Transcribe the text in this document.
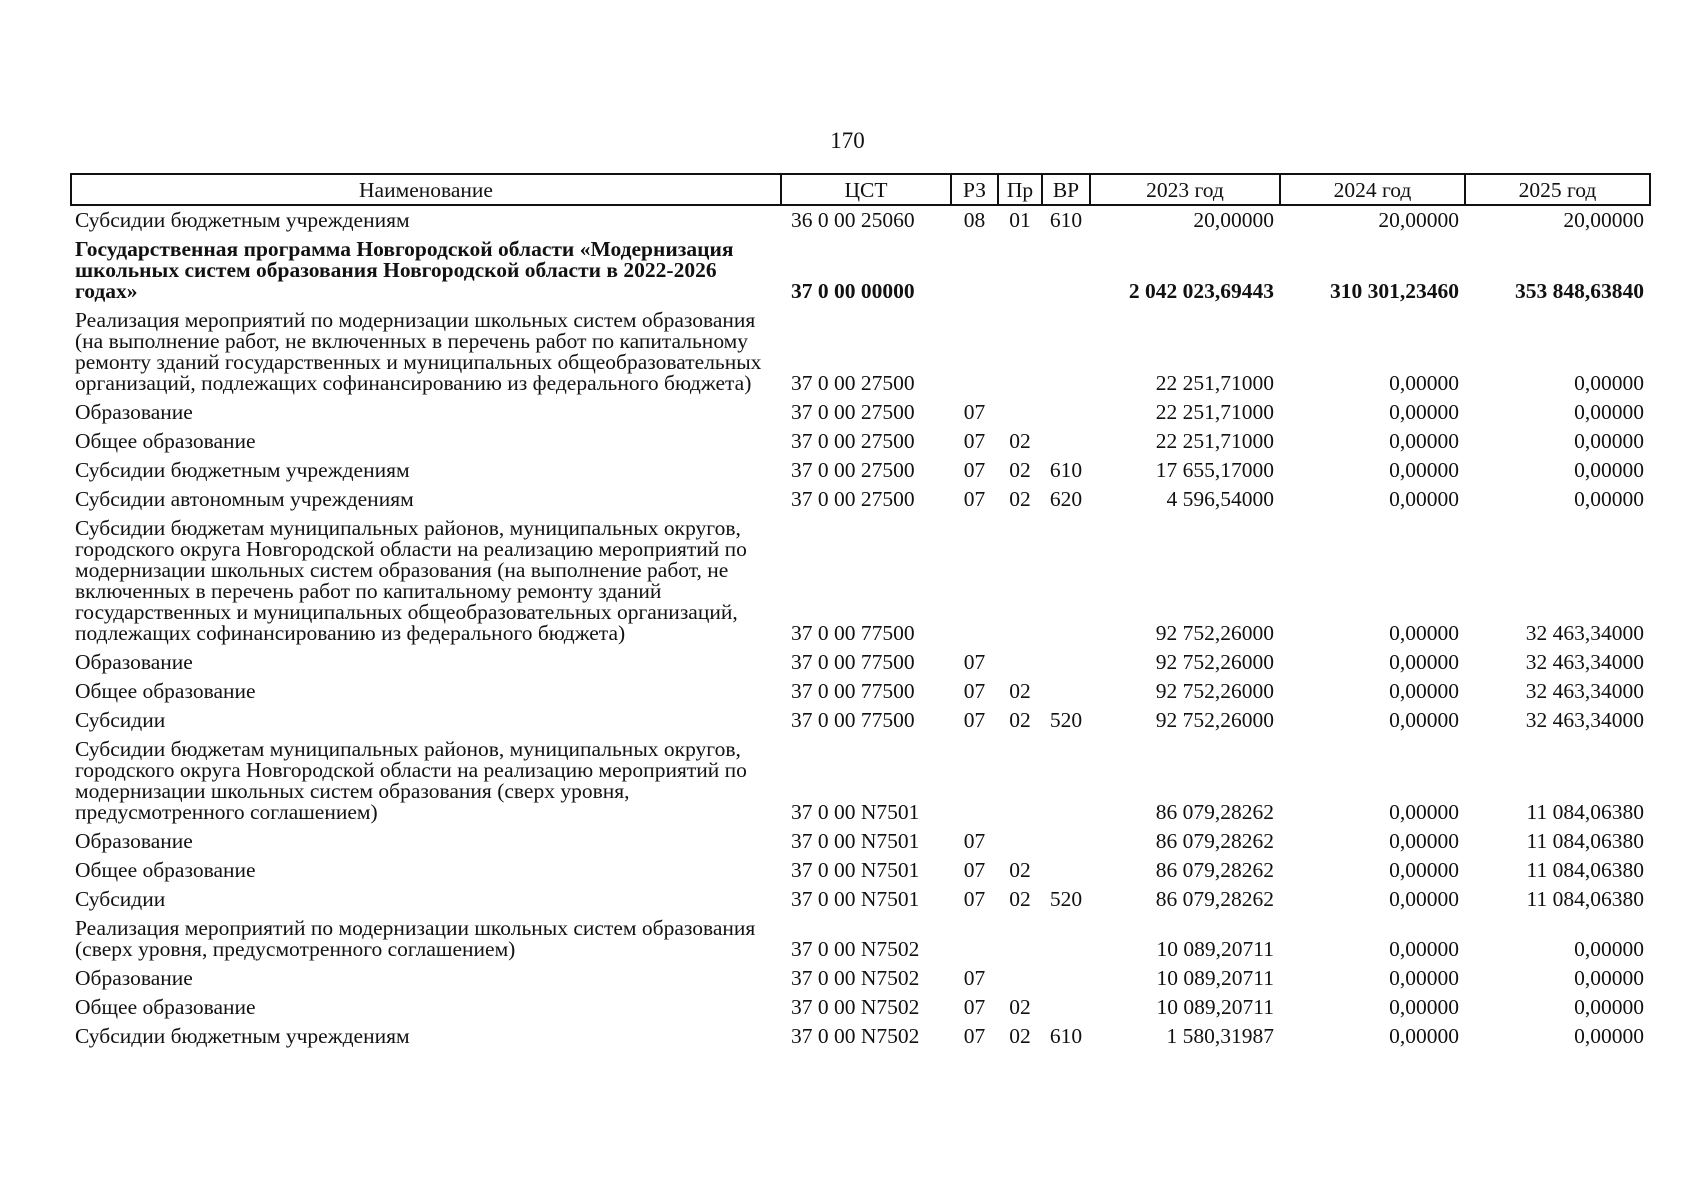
170
Наименование	ЦСТ	РЗ	Пр	ВР	2023 год	2024 год	2025 год
Субсидии бюджетным учреждениям	36 0 00 25060	08	01	610	20,00000	20,00000	20,00000
Государственная программа Новгородской области «Модернизация школьных систем образования Новгородской области в 2022-2026 годах»	37 0 00 00000				2 042 023,69443	310 301,23460	353 848,63840
Реализация мероприятий по модернизации школьных систем образования (на выполнение работ, не включенных в перечень работ по капитальному ремонту зданий государственных и муниципальных общеобразовательных организаций, подлежащих софинансированию из федерального бюджета)	37 0 00 27500				22 251,71000	0,00000	0,00000
Образование	37 0 00 27500	07			22 251,71000	0,00000	0,00000
Общее образование	37 0 00 27500	07	02		22 251,71000	0,00000	0,00000
Субсидии бюджетным учреждениям	37 0 00 27500	07	02	610	17 655,17000	0,00000	0,00000
Субсидии автономным учреждениям	37 0 00 27500	07	02	620	4 596,54000	0,00000	0,00000
Субсидии бюджетам муниципальных районов, муниципальных округов, городского округа Новгородской области на реализацию мероприятий по модернизации школьных систем образования (на выполнение работ, не включенных в перечень работ по капитальному ремонту зданий государственных и муниципальных общеобразовательных организаций, подлежащих софинансированию из федерального бюджета)	37 0 00 77500				92 752,26000	0,00000	32 463,34000
Образование	37 0 00 77500	07			92 752,26000	0,00000	32 463,34000
Общее образование	37 0 00 77500	07	02		92 752,26000	0,00000	32 463,34000
Субсидии	37 0 00 77500	07	02	520	92 752,26000	0,00000	32 463,34000
Субсидии бюджетам муниципальных районов, муниципальных округов, городского округа Новгородской области на реализацию мероприятий по модернизации школьных систем образования (сверх уровня, предусмотренного соглашением)	37 0 00 N7501				86 079,28262	0,00000	11 084,06380
Образование	37 0 00 N7501	07			86 079,28262	0,00000	11 084,06380
Общее образование	37 0 00 N7501	07	02		86 079,28262	0,00000	11 084,06380
Субсидии	37 0 00 N7501	07	02	520	86 079,28262	0,00000	11 084,06380
Реализация мероприятий по модернизации школьных систем образования (сверх уровня, предусмотренного соглашением)	37 0 00 N7502				10 089,20711	0,00000	0,00000
Образование	37 0 00 N7502	07			10 089,20711	0,00000	0,00000
Общее образование	37 0 00 N7502	07	02		10 089,20711	0,00000	0,00000
Субсидии бюджетным учреждениям	37 0 00 N7502	07	02	610	1 580,31987	0,00000	0,00000
